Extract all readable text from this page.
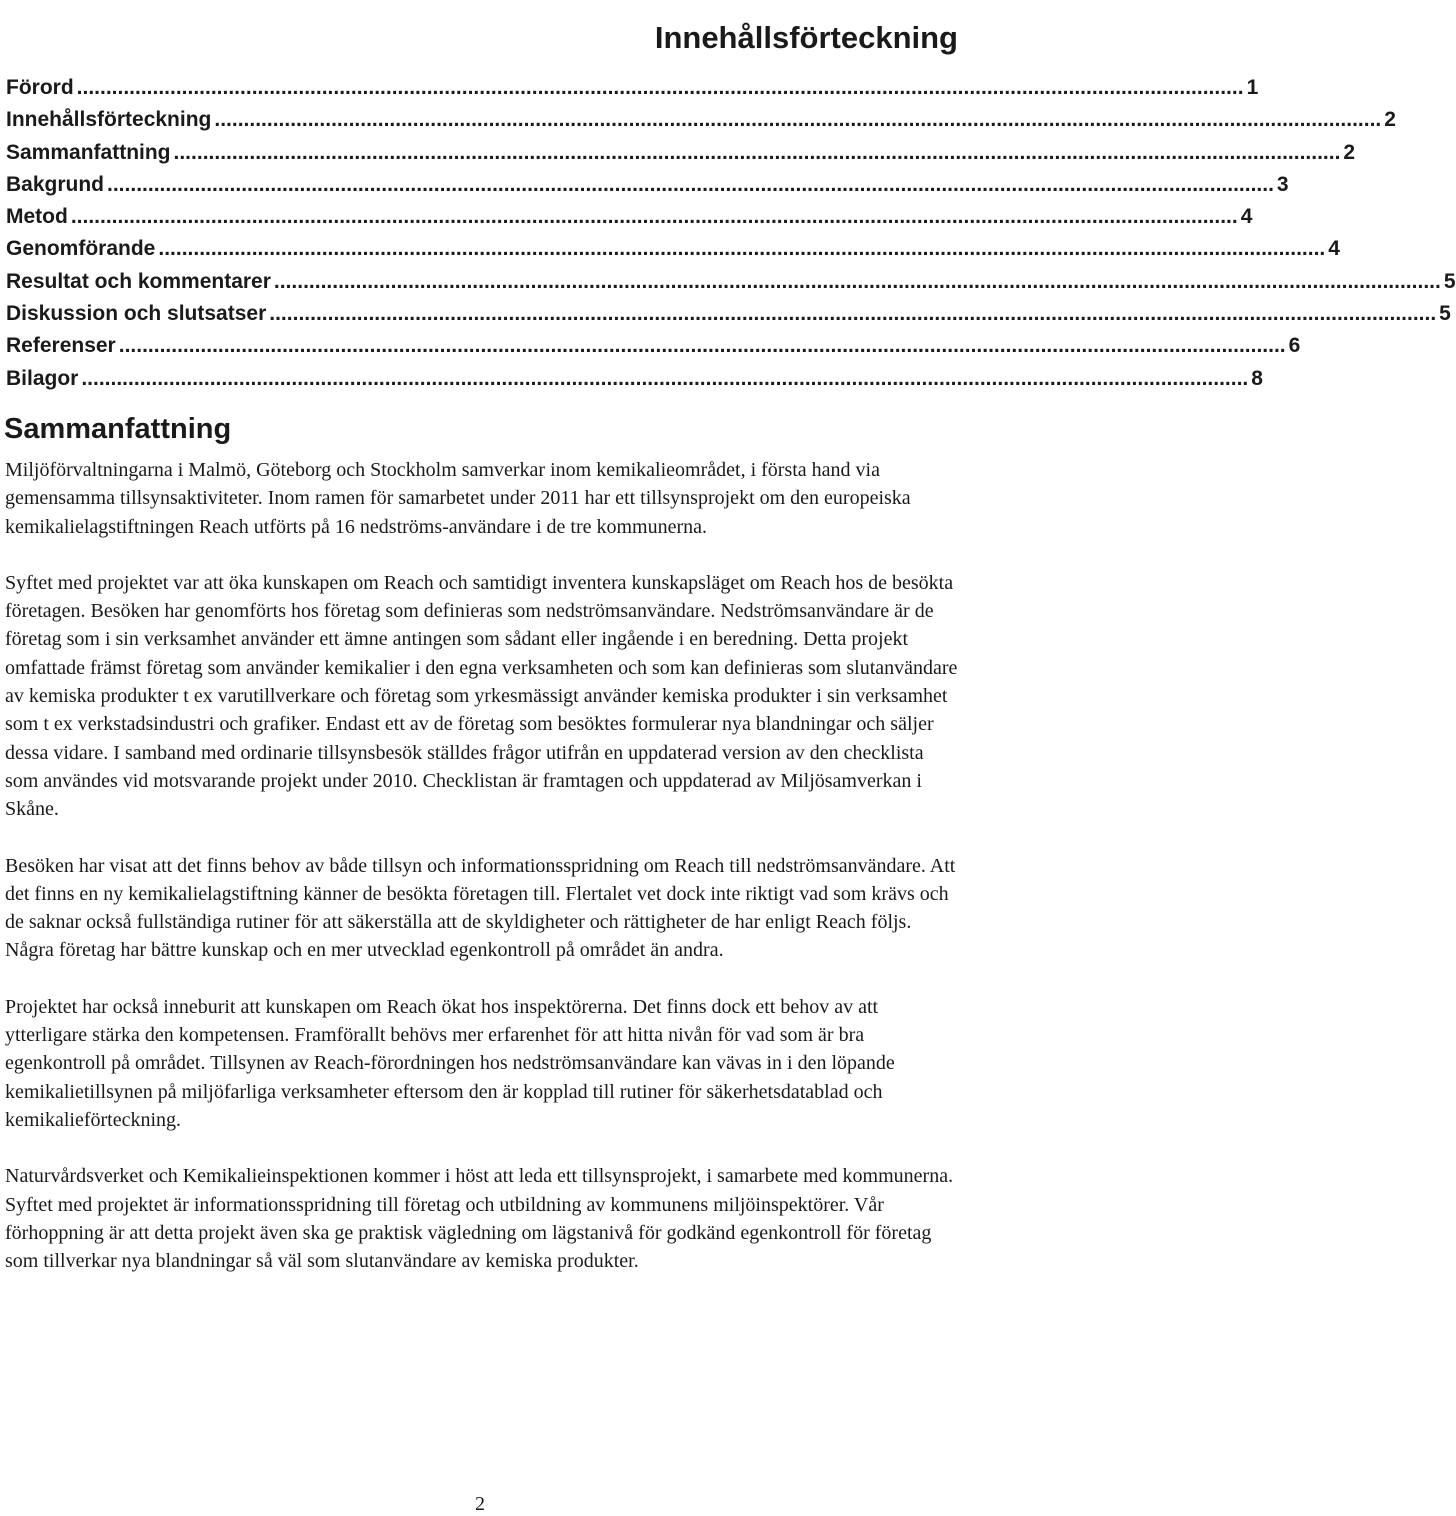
Innehållsförteckning
Förord ........................................................................................................................................................................................................ 1
Innehållsförteckning ........................................................................................................................................................................................................ 2
Sammanfattning ........................................................................................................................................................................................................ 2
Bakgrund ........................................................................................................................................................................................................ 3
Metod ........................................................................................................................................................................................................ 4
Genomförande ........................................................................................................................................................................................................ 4
Resultat och kommentarer ........................................................................................................................................................................................................ 5
Diskussion och slutsatser ........................................................................................................................................................................................................ 5
Referenser ........................................................................................................................................................................................................ 6
Bilagor ........................................................................................................................................................................................................ 8
Sammanfattning

Miljöförvaltningarna i Malmö, Göteborg och Stockholm samverkar inom kemikalieområdet, i första hand via gemensamma tillsynsaktiviteter. Inom ramen för samarbetet under 2011 har ett tillsynsprojekt om den europeiska kemikalielagstiftningen Reach utförts på 16 nedströms-användare i de tre kommunerna.

Syftet med projektet var att öka kunskapen om Reach och samtidigt inventera kunskapsläget om Reach hos de besökta företagen. Besöken har genomförts hos företag som definieras som nedströmsanvändare. Nedströmsanvändare är de företag som i sin verksamhet använder ett ämne antingen som sådant eller ingående i en beredning. Detta projekt omfattade främst företag som använder kemikalier i den egna verksamheten och som kan definieras som slutanvändare av kemiska produkter t ex varutillverkare och företag som yrkesmässigt använder kemiska produkter i sin verksamhet som t ex verkstadsindustri och grafiker. Endast ett av de företag som besöktes formulerar nya blandningar och säljer dessa vidare. I samband med ordinarie tillsynsbesök ställdes frågor utifrån en uppdaterad version av den checklista som användes vid motsvarande projekt under 2010. Checklistan är framtagen och uppdaterad av Miljösamverkan i Skåne.

Besöken har visat att det finns behov av både tillsyn och informationsspridning om Reach till nedströmsanvändare. Att det finns en ny kemikalielagstiftning känner de besökta företagen till. Flertalet vet dock inte riktigt vad som krävs och de saknar också fullständiga rutiner för att säkerställa att de skyldigheter och rättigheter de har enligt Reach följs. Några företag har bättre kunskap och en mer utvecklad egenkontroll på området än andra.

Projektet har också inneburit att kunskapen om Reach ökat hos inspektörerna. Det finns dock ett behov av att ytterligare stärka den kompetensen. Framförallt behövs mer erfarenhet för att hitta nivån för vad som är bra egenkontroll på området. Tillsynen av Reach-förordningen hos nedströmsanvändare kan vävas in i den löpande kemikalietillsynen på miljöfarliga verksamheter eftersom den är kopplad till rutiner för säkerhetsdatablad och kemikalieförteckning.

Naturvårdsverket och Kemikalieinspektionen kommer i höst att leda ett tillsynsprojekt, i samarbete med kommunerna. Syftet med projektet är informationsspridning till företag och utbildning av kommunens miljöinspektörer. Vår förhoppning är att detta projekt även ska ge praktisk vägledning om lägstanivå för godkänd egenkontroll för företag som tillverkar nya blandningar så väl som slutanvändare av kemiska produkter.

2
